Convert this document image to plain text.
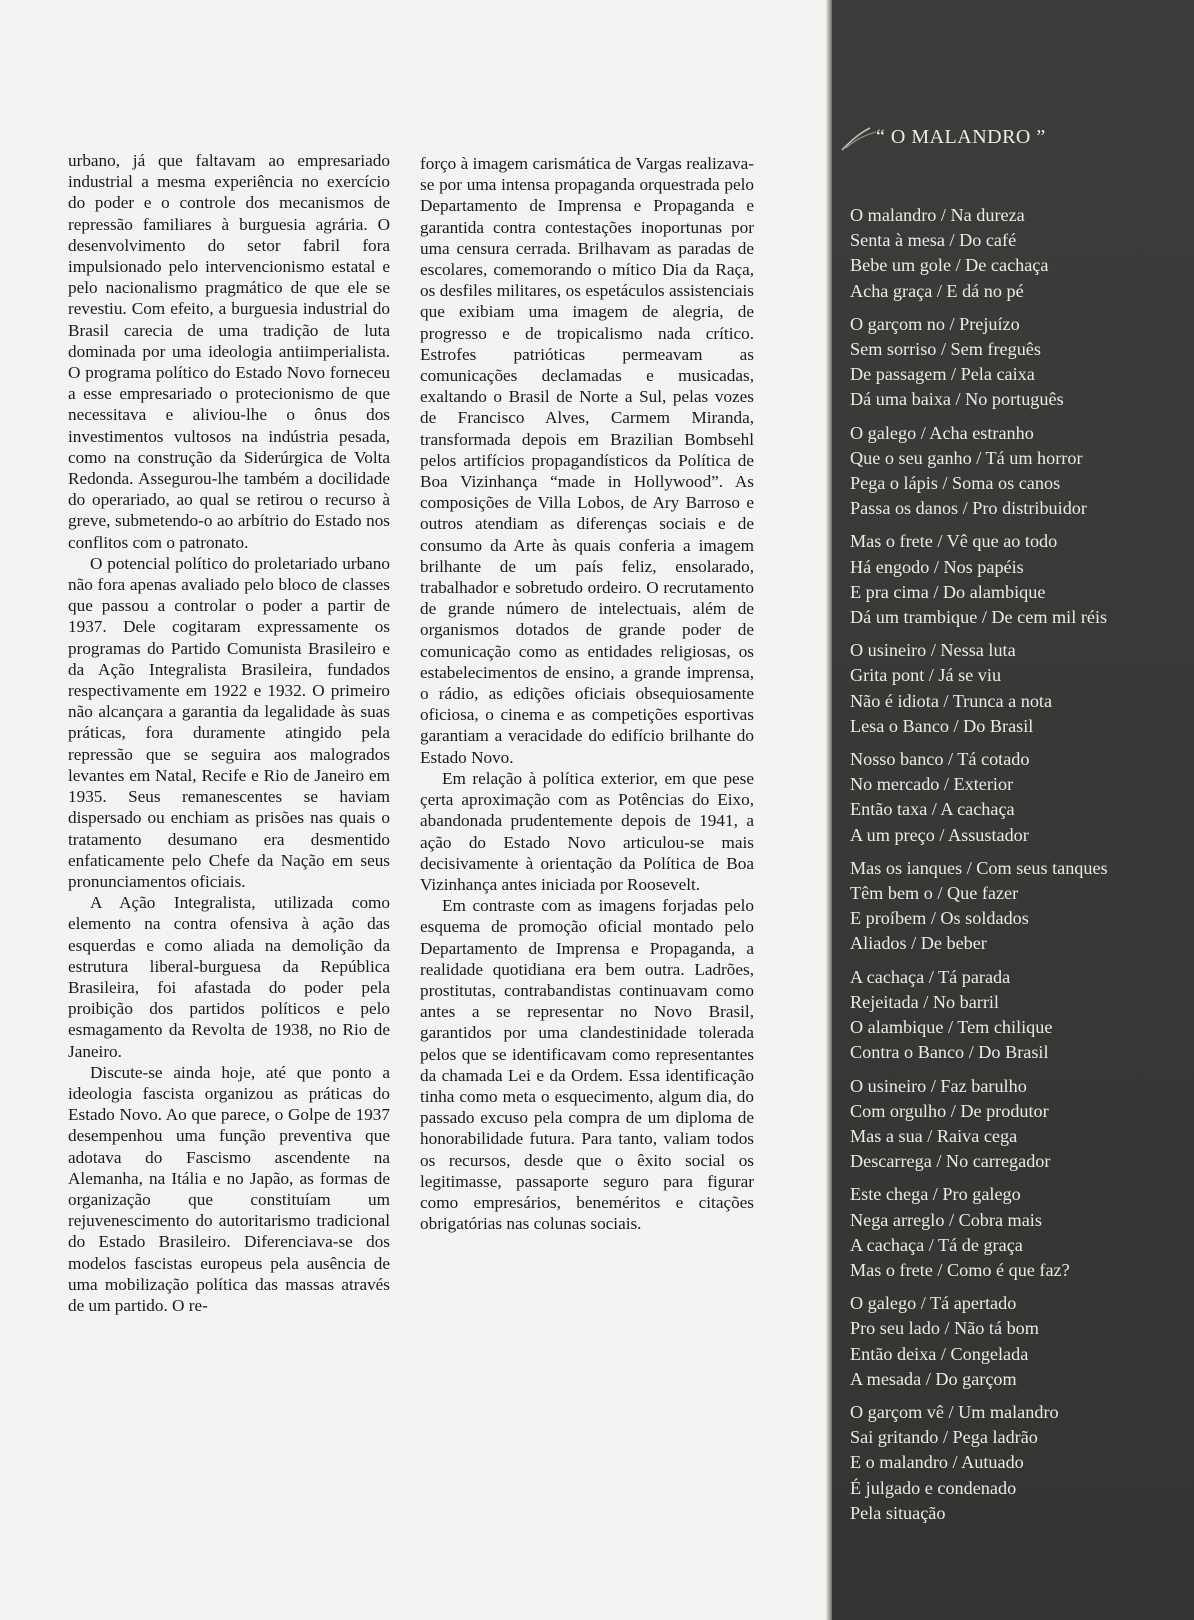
urbano, já que faltavam ao empresariado industrial a mesma experiência no exercício do poder e o controle dos mecanismos de repressão familiares à burguesia agrária. O desenvolvimento do setor fabril fora impulsionado pelo intervencionismo estatal e pelo nacionalismo pragmático de que ele se revestiu. Com efeito, a burguesia industrial do Brasil carecia de uma tradição de luta dominada por uma ideologia antiimperialista. O programa político do Estado Novo forneceu a esse empresariado o protecionismo de que necessitava e aliviou-lhe o ônus dos investimentos vultosos na indústria pesada, como na construção da Siderúrgica de Volta Redonda. Assegurou-lhe também a docilidade do operariado, ao qual se retirou o recurso à greve, submetendo-o ao arbítrio do Estado nos conflitos com o patronato.

O potencial político do proletariado urbano não fora apenas avaliado pelo bloco de classes que passou a controlar o poder a partir de 1937. Dele cogitaram expressamente os programas do Partido Comunista Brasileiro e da Ação Integralista Brasileira, fundados respectivamente em 1922 e 1932. O primeiro não alcançara a garantia da legalidade às suas práticas, fora duramente atingido pela repressão que se seguira aos malogrados levantes em Natal, Recife e Rio de Janeiro em 1935. Seus remanescentes se haviam dispersado ou enchiam as prisões nas quais o tratamento desumano era desmentido enfaticamente pelo Chefe da Nação em seus pronunciamentos oficiais.

A Ação Integralista, utilizada como elemento na contra ofensiva à ação das esquerdas e como aliada na demolição da estrutura liberal-burguesa da República Brasileira, foi afastada do poder pela proibição dos partidos políticos e pelo esmagamento da Revolta de 1938, no Rio de Janeiro.

Discute-se ainda hoje, até que ponto a ideologia fascista organizou as práticas do Estado Novo. Ao que parece, o Golpe de 1937 desempenhou uma função preventiva que adotava do Fascismo ascendente na Alemanha, na Itália e no Japão, as formas de organização que constituíam um rejuvenescimento do autoritarismo tradicional do Estado Brasileiro. Diferenciava-se dos modelos fascistas europeus pela ausência de uma mobilização política das massas através de um partido. O re-

forço à imagem carismática de Vargas realizava-se por uma intensa propaganda orquestrada pelo Departamento de Imprensa e Propaganda e garantida contra contestações inoportunas por uma censura cerrada. Brilhavam as paradas de escolares, comemorando o mítico Dia da Raça, os desfiles militares, os espetáculos assistenciais que exibiam uma imagem de alegria, de progresso e de tropicalismo nada crítico. Estrofes patrióticas permeavam as comunicações declamadas e musicadas, exaltando o Brasil de Norte a Sul, pelas vozes de Francisco Alves, Carmem Miranda, transformada depois em Brazilian Bombsehl pelos artifícios propagandísticos da Política de Boa Vizinhança “made in Hollywood”. As composições de Villa Lobos, de Ary Barroso e outros atendiam as diferenças sociais e de consumo da Arte às quais conferia a imagem brilhante de um país feliz, ensolarado, trabalhador e sobretudo ordeiro. O recrutamento de grande número de intelectuais, além de organismos dotados de grande poder de comunicação como as entidades religiosas, os estabelecimentos de ensino, a grande imprensa, o rádio, as edições oficiais obsequiosamente oficiosa, o cinema e as competições esportivas garantiam a veracidade do edifício brilhante do Estado Novo.

Em relação à política exterior, em que pese çerta aproximação com as Potências do Eixo, abandonada prudentemente depois de 1941, a ação do Estado Novo articulou-se mais decisivamente à orientação da Política de Boa Vizinhança antes iniciada por Roosevelt.

Em contraste com as imagens forjadas pelo esquema de promoção oficial montado pelo Departamento de Imprensa e Propaganda, a realidade quotidiana era bem outra. Ladrões, prostitutas, contrabandistas continuavam como antes a se representar no Novo Brasil, garantidos por uma clandestinidade tolerada pelos que se identificavam como representantes da chamada Lei e da Ordem. Essa identificação tinha como meta o esquecimento, algum dia, do passado excuso pela compra de um diploma de honorabilidade futura. Para tanto, valiam todos os recursos, desde que o êxito social os legitimasse, passaporte seguro para figurar como empresários, beneméritos e citações obrigatórias nas colunas sociais.

“ O MALANDRO ”
O malandro / Na dureza
Senta à mesa / Do café
Bebe um gole / De cachaça
Acha graça / E dá no pé
O garçom no / Prejuízo
Sem sorriso / Sem freguês
De passagem / Pela caixa
Dá uma baixa / No português
O galego / Acha estranho
Que o seu ganho / Tá um horror
Pega o lápis / Soma os canos
Passa os danos / Pro distribuidor
Mas o frete / Vê que ao todo
Há engodo / Nos papéis
E pra cima / Do alambique
Dá um trambique / De cem mil réis
O usineiro / Nessa luta
Grita pont / Já se viu
Não é idiota / Trunca a nota
Lesa o Banco / Do Brasil
Nosso banco / Tá cotado
No mercado / Exterior
Então taxa / A cachaça
A um preço / Assustador
Mas os ianques / Com seus tanques
Têm bem o / Que fazer
E proíbem / Os soldados
Aliados / De beber
A cachaça / Tá parada
Rejeitada / No barril
O alambique / Tem chilique
Contra o Banco / Do Brasil
O usineiro / Faz barulho
Com orgulho / De produtor
Mas a sua / Raiva cega
Descarrega / No carregador
Este chega / Pro galego
Nega arreglo / Cobra mais
A cachaça / Tá de graça
Mas o frete / Como é que faz?
O galego / Tá apertado
Pro seu lado / Não tá bom
Então deixa / Congelada
A mesada / Do garçom
O garçom vê / Um malandro
Sai gritando / Pega ladrão
E o malandro / Autuado
É julgado e condenado
Pela situação
